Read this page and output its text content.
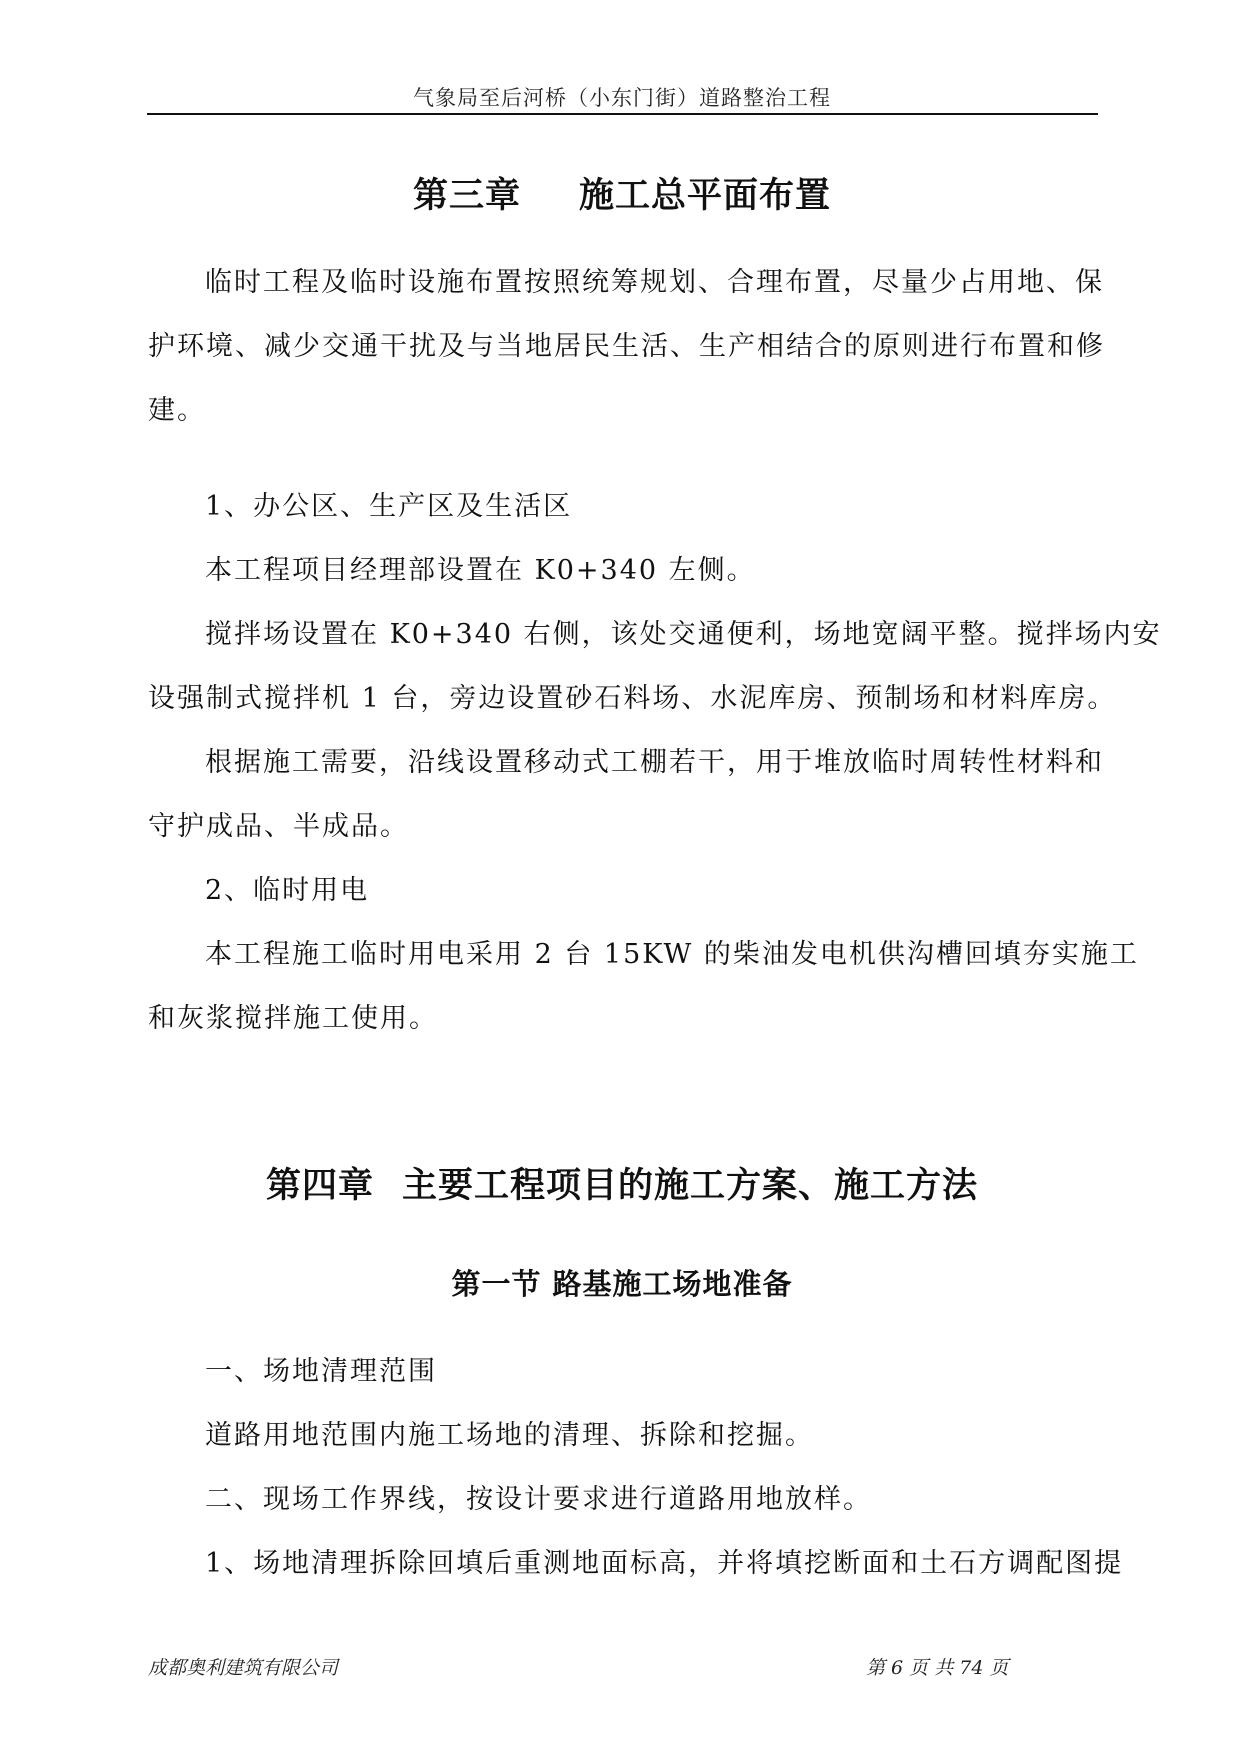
气象局至后河桥（小东门街）道路整治工程
第三章 施工总平面布置
临时工程及临时设施布置按照统筹规划、合理布置，尽量少占用地、保
护环境、减少交通干扰及与当地居民生活、生产相结合的原则进行布置和修
建。
1、办公区、生产区及生活区
本工程项目经理部设置在 K0+340 左侧。
搅拌场设置在 K0+340 右侧，该处交通便利，场地宽阔平整。搅拌场内安
设强制式搅拌机 1 台，旁边设置砂石料场、水泥库房、预制场和材料库房。
根据施工需要，沿线设置移动式工棚若干，用于堆放临时周转性材料和
守护成品、半成品。
2、临时用电
本工程施工临时用电采用 2 台 15KW 的柴油发电机供沟槽回填夯实施工
和灰浆搅拌施工使用。
第四章 主要工程项目的施工方案、施工方法
第一节 路基施工场地准备
一、场地清理范围
道路用地范围内施工场地的清理、拆除和挖掘。
二、现场工作界线，按设计要求进行道路用地放样。
1、场地清理拆除回填后重测地面标高，并将填挖断面和土石方调配图提
成都奥利建筑有限公司	第 6 页 共 74 页
